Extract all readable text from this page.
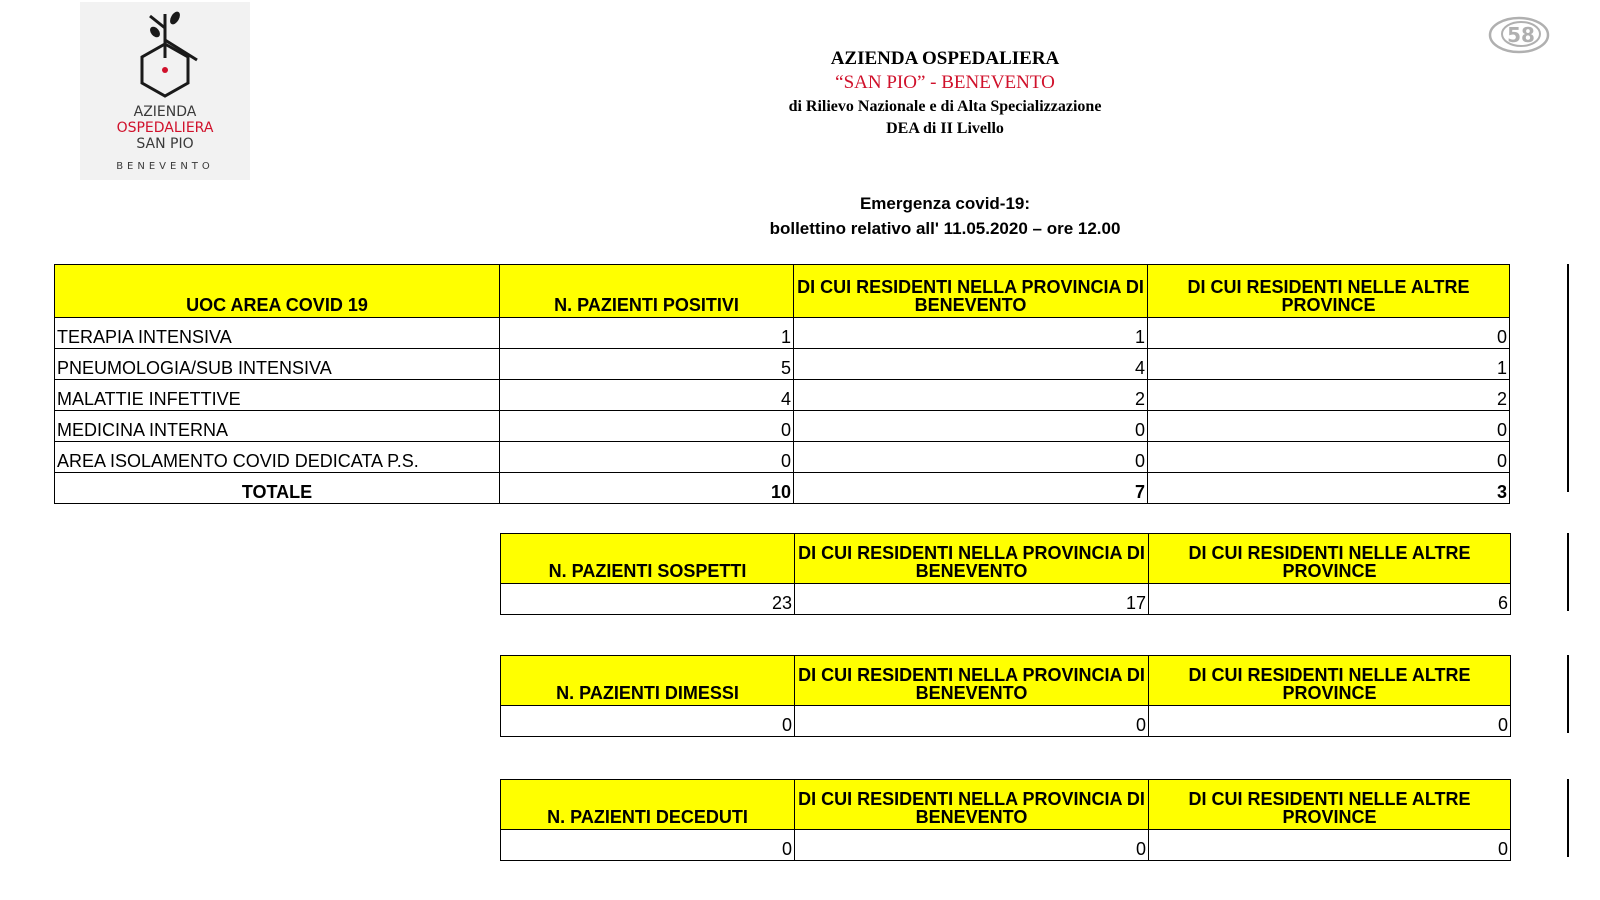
AZIENDA
OSPEDALIERA
SAN PIO
BENEVENTO
AZIENDA OSPEDALIERA
“SAN PIO” - BENEVENTO
di Rilievo Nazionale e di Alta Specializzazione
DEA di II Livello
Emergenza covid-19:
bollettino relativo all' 11.05.2020 – ore 12.00
58
UOC AREA COVID 19	N. PAZIENTI POSITIVI	DI CUI RESIDENTI NELLA PROVINCIA DI BENEVENTO	DI CUI RESIDENTI NELLE ALTRE PROVINCE
TERAPIA INTENSIVA	1	1	0
PNEUMOLOGIA/SUB INTENSIVA	5	4	1
MALATTIE INFETTIVE	4	2	2
MEDICINA INTERNA	0	0	0
AREA ISOLAMENTO COVID DEDICATA P.S.	0	0	0
TOTALE	10	7	3
N. PAZIENTI SOSPETTI	DI CUI RESIDENTI NELLA PROVINCIA DI BENEVENTO	DI CUI RESIDENTI NELLE ALTRE PROVINCE
23	17	6
N. PAZIENTI DIMESSI	DI CUI RESIDENTI NELLA PROVINCIA DI BENEVENTO	DI CUI RESIDENTI NELLE ALTRE PROVINCE
0	0	0
N. PAZIENTI DECEDUTI	DI CUI RESIDENTI NELLA PROVINCIA DI BENEVENTO	DI CUI RESIDENTI NELLE ALTRE PROVINCE
0	0	0
